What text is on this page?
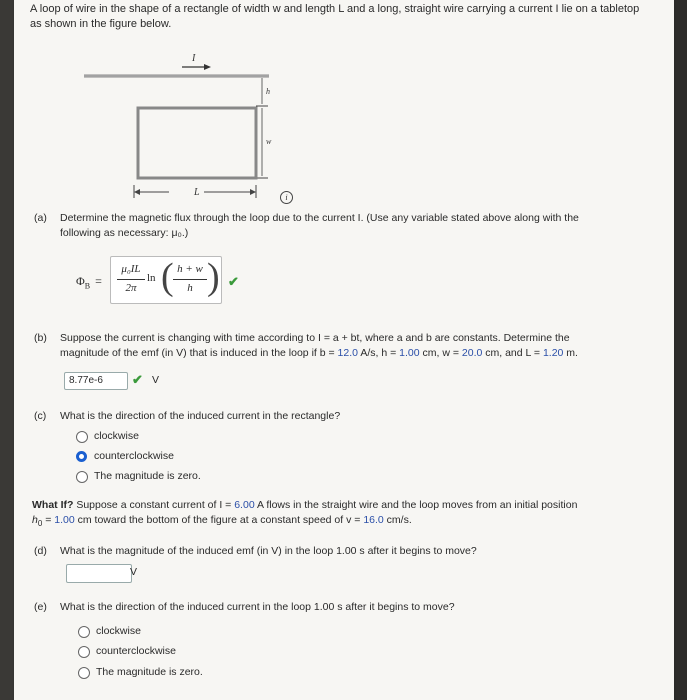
A loop of wire in the shape of a rectangle of width w and length L and a long, straight wire carrying a current I lie on a tabletop as shown in the figure below.
I
h
w
L	i
(a) Determine the magnetic flux through the loop due to the current I. (Use any variable stated above along with the
following as necessary: μ₀.)
$\Phi_B$ =
μ₀IL
2π
ln ( h + w
h ) ✔
(b) Suppose the current is changing with time according to I = a + bt, where a and b are constants. Determine the
magnitude of the emf (in V) that is induced in the loop if b = 12.0 A/s, h = 1.00 cm, w = 20.0 cm, and L = 1.20 m.
8.77e-6	✔ V
(c) What is the direction of the induced current in the rectangle?
clockwise
counterclockwise
The magnitude is zero.
What If? Suppose a constant current of I = 6.00 A flows in the straight wire and the loop moves from an initial position
$h_0 = 1.00$ cm toward the bottom of the figure at a constant speed of v = 16.0 cm/s.
(d) What is the magnitude of the induced emf (in V) in the loop 1.00 s after it begins to move?
V
(e) What is the direction of the induced current in the loop 1.00 s after it begins to move?
clockwise
counterclockwise
The magnitude is zero.
